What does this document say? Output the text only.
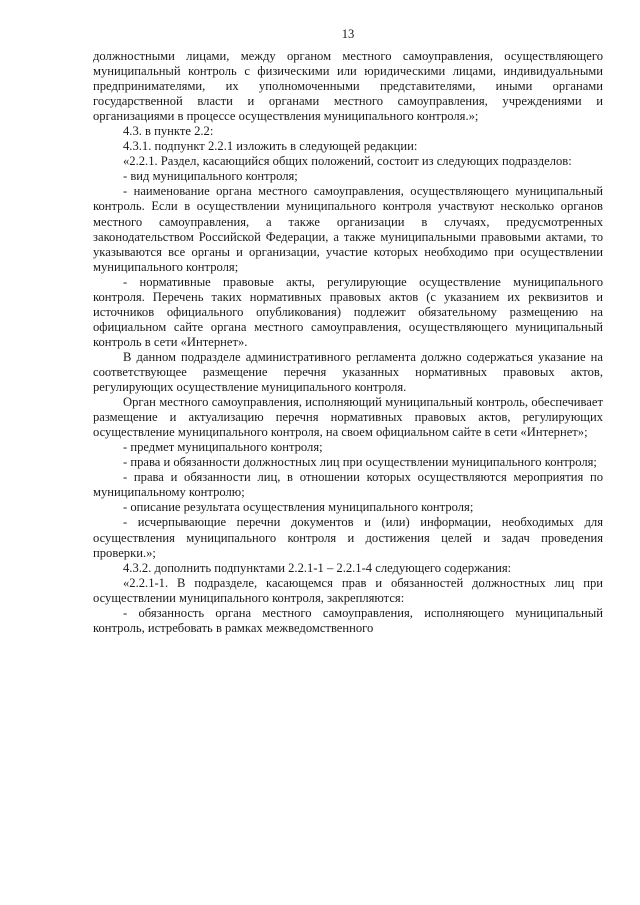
13

должностными лицами, между органом местного самоуправления, осуществляющего муниципальный контроль с физическими или юридическими лицами, индивидуальными предпринимателями, их уполномоченными представителями, иными органами государственной власти и органами местного самоуправления, учреждениями и организациями в процессе осуществления муниципального контроля.»;

4.3. в пункте 2.2:

4.3.1. подпункт 2.2.1 изложить в следующей редакции:

«2.2.1. Раздел, касающийся общих положений, состоит из следующих подразделов:

- вид муниципального контроля;

- наименование органа местного самоуправления, осуществляющего муниципальный контроль. Если в осуществлении муниципального контроля участвуют несколько органов местного самоуправления, а также организации в случаях, предусмотренных законодательством Российской Федерации, а также муниципальными правовыми актами, то указываются все органы и организации, участие которых необходимо при осуществлении муниципального контроля;

- нормативные правовые акты, регулирующие осуществление муниципального контроля. Перечень таких нормативных правовых актов (с указанием их реквизитов и источников официального опубликования) подлежит обязательному размещению на официальном сайте органа местного самоуправления, осуществляющего муниципальный контроль в сети «Интернет».

В данном подразделе административного регламента должно содержаться указание на соответствующее размещение перечня указанных нормативных правовых актов, регулирующих осуществление муниципального контроля.

Орган местного самоуправления, исполняющий муниципальный контроль, обеспечивает размещение и актуализацию перечня нормативных правовых актов, регулирующих осуществление муниципального контроля, на своем официальном сайте в сети «Интернет»;

- предмет муниципального контроля;

- права и обязанности должностных лиц при осуществлении муниципального контроля;

- права и обязанности лиц, в отношении которых осуществляются мероприятия по муниципальному контролю;

- описание результата осуществления муниципального контроля;

- исчерпывающие перечни документов и (или) информации, необходимых для осуществления муниципального контроля и достижения целей и задач проведения проверки.»;

4.3.2. дополнить подпунктами 2.2.1-1 – 2.2.1-4 следующего содержания:

«2.2.1-1. В подразделе, касающемся прав и обязанностей должностных лиц при осуществлении муниципального контроля, закрепляются:

- обязанность органа местного самоуправления, исполняющего муниципальный контроль, истребовать в рамках межведомственного
